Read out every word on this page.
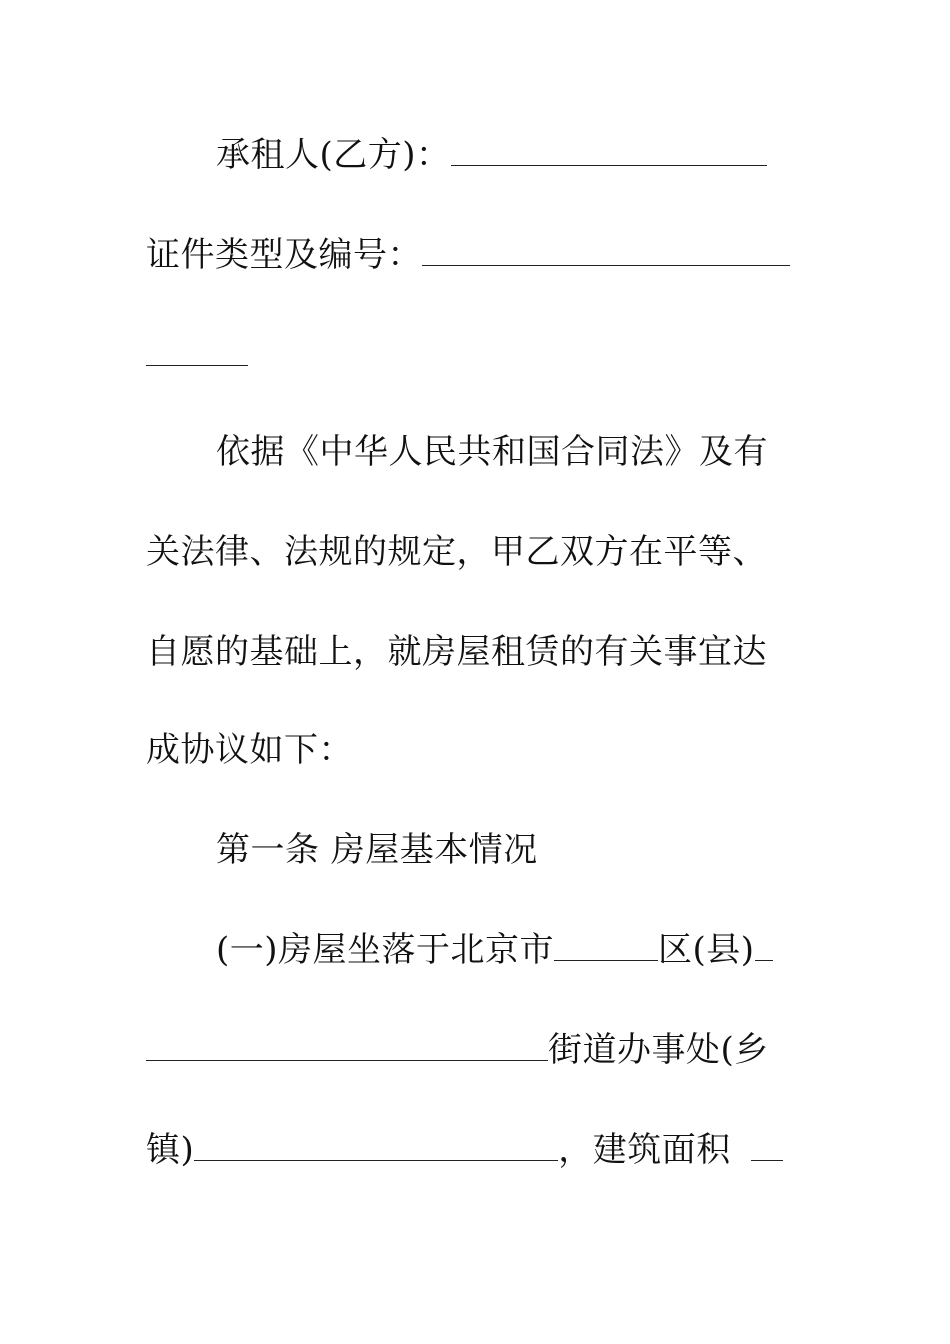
承租人(乙方)：
证件类型及编号：
依据《中华人民共和国合同法》及有
关法律、法规的规定，甲乙双方在平等、
自愿的基础上，就房屋租赁的有关事宜达
成协议如下：
第一条 房屋基本情况
(一)房屋坐落于北京市	区(县)
街道办事处(乡
镇)	，建筑面积
